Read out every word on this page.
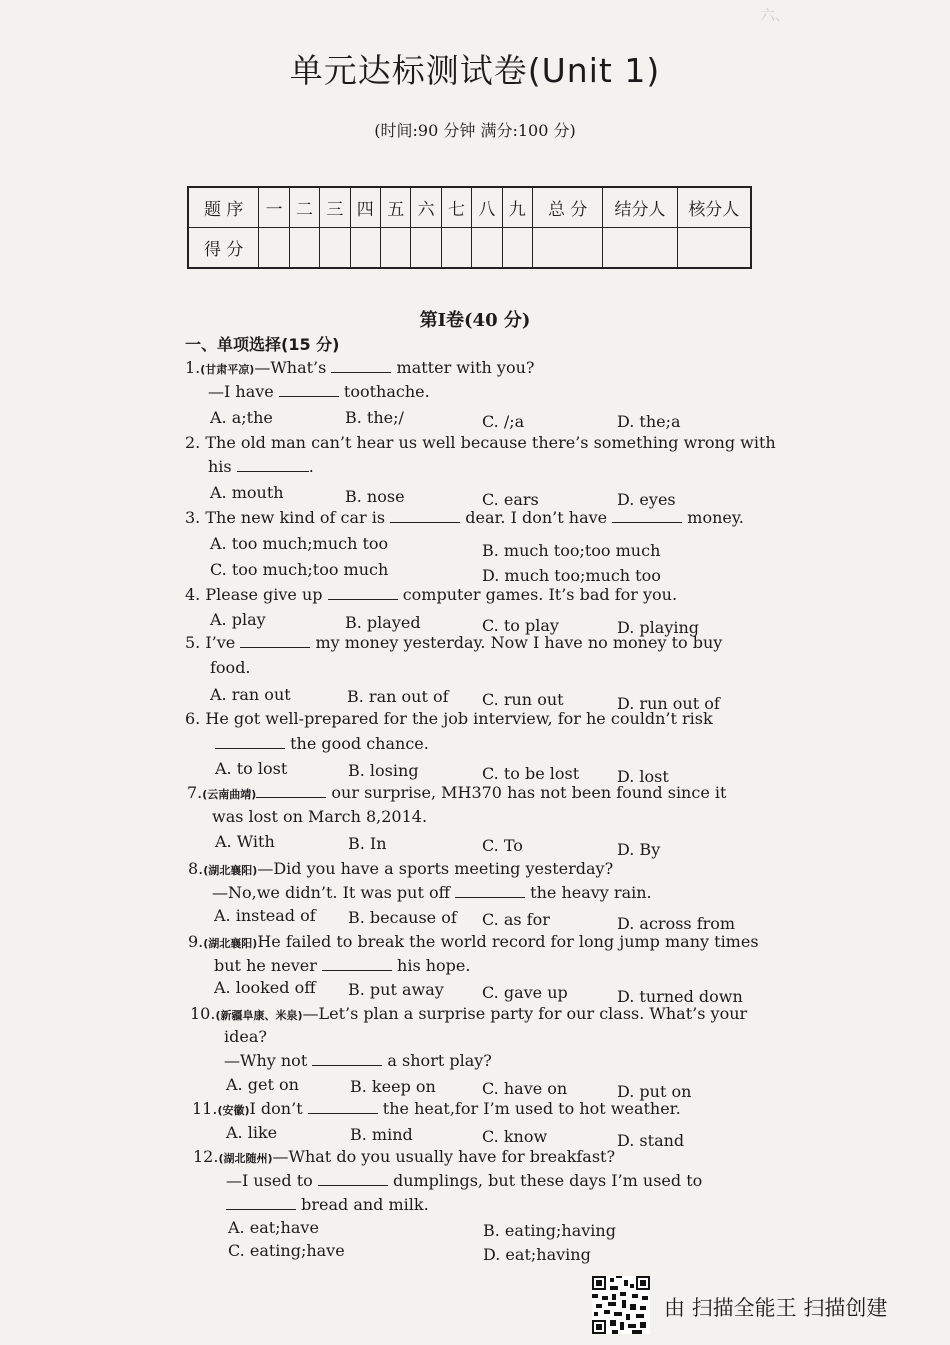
六、
单元达标测试卷(Unit 1)
(时间:90 分钟 满分:100 分)
题 序	一	二	三	四	五	六	七	八	九	总 分	结分人	核分人
得 分												
第Ⅰ卷(40 分)
一、单项选择(15 分)
1.(甘肃平凉)—What’s	matter with you?
—I have	toothache.
A. a;the	B. the;/	C. /;a	D. the;a
2. The old man can’t hear us well because there’s something wrong with
his	.
A. mouth	B. nose	C. ears	D. eyes
3. The new kind of car is	dear. I don’t have	money.
A. too much;much too	B. much too;too much
C. too much;too much	D. much too;much too
4. Please give up	computer games. It’s bad for you.
A. play	B. played	C. to play	D. playing
5. I’ve	my money yesterday. Now I have no money to buy
food.
A. ran out	B. ran out of C. run out	D. run out of
6. He got well-prepared for the job interview, for he couldn’t risk
the good chance.
A. to lost	B. losing	C. to be lost D. lost
7.(云南曲靖)	our surprise, MH370 has not been found since it
was lost on March 8,2014.
A. With	B. In	C. To	D. By
8.(湖北襄阳)—Did you have a sports meeting yesterday?
—No,we didn’t. It was put off	the heavy rain.
A. instead of B. because of C. as for	D. across from
9.(湖北襄阳)He failed to break the world record for long jump many times
but he never	his hope.
A. looked off B. put away C. gave up	D. turned down
10.(新疆阜康、米泉)—Let’s plan a surprise party for our class. What’s your
idea?
—Why not	a short play?
A. get on	B. keep on	C. have on	D. put on
11.(安徽)I don’t	the heat,for I’m used to hot weather.
A. like	B. mind	C. know	D. stand
12.(湖北随州)—What do you usually have for breakfast?
—I used to	dumplings, but these days I’m used to
bread and milk.
A. eat;have	B. eating;having
C. eating;have	D. eat;having
由 扫描全能王 扫描创建
